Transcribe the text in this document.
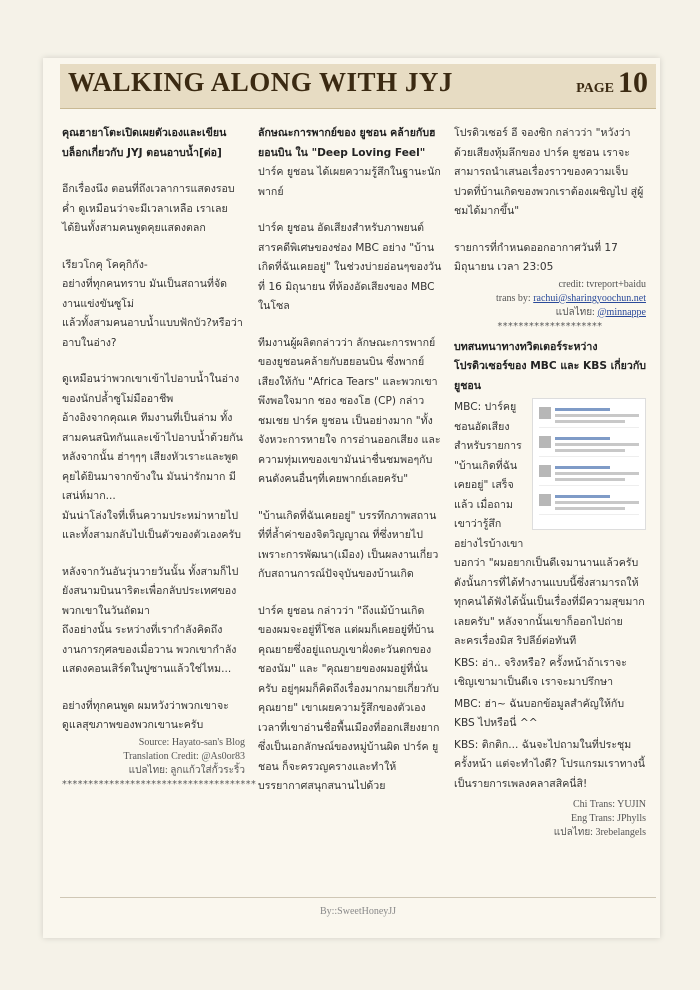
WALKING ALONG WITH JYJ	PAGE 10

คุณฮายาโตะเปิดเผยตัวเองและเขียนบล็อกเกี่ยวกับ JYJ ตอนอาบน้ำ[ต่อ]

อีกเรื่องนึง ตอนที่ถึงเวลาการแสดงรอบค่ำ ดูเหมือนว่าจะมีเวลาเหลือ เราเลยได้ยินทั้งสามคนพูดคุยแสดงตลก

เรียวโกคุ โคคุกิกัง-
อย่างที่ทุกคนทราบ มันเป็นสถานที่จัดงานแข่งขันซูโม่
แล้วทั้งสามคนอาบน้ำแบบฟักบัว?หรือว่าอาบในอ่าง?

ดูเหมือนว่าพวกเขาเข้าไปอาบน้ำในอ่างของนักปล้ำซูโม่มืออาชีพ
อ้างอิงจากคุณเค ทีมงานที่เป็นล่าม ทั้งสามคนสนิทกันและเข้าไปอาบน้ำด้วยกัน
หลังจากนั้น ฮ่าๆๆๆ เสียงหัวเราะและพูดคุยได้ยินมาจากข้างใน มันน่ารักมาก มีเสน่ห์มาก...
มันน่าโล่งใจที่เห็นความประหม่าหายไปและทั้งสามกลับไปเป็นตัวของตัวเองครับ

หลังจากวันอันวุ่นวายวันนั้น ทั้งสามก็ไปยังสนามบินนาริตะเพื่อกลับประเทศของพวกเขาในวันถัดมา
ถึงอย่างนั้น ระหว่างที่เรากำลังคิดถึงงานการกุศลของเมื่อวาน พวกเขากำลังแสดงคอนเสิร์ตในปูซานแล้วใช่ไหม...

อย่างที่ทุกคนพูด ผมหวังว่าพวกเขาจะดูแลสุขภาพของพวกเขานะครับ

Source: Hayato-san's Blog

Translation Credit: @As0or83

แปลไทย: ลูกแก้วใส่กั้วระริ้ว

*************************************

ลักษณะการพากย์ของ ยูชอน คล้ายกับฮยอนบิน ใน "Deep Loving Feel"

ปาร์ค ยูชอน ได้เผยความรู้สึกในฐานะนักพากย์

ปาร์ค ยูชอน อัดเสียงสำหรับภาพยนต์สารคดีพิเศษของช่อง MBC อย่าง "บ้านเกิดที่ฉันเคยอยู่" ในช่วงบ่ายอ่อนๆของวันที่ 16 มิถุนายน ที่ห้องอัดเสียงของ MBC ในโซล

ทีมงานผู้ผลิตกล่าวว่า ลักษณะการพากย์ของยูชอนคล้ายกับฮยอนบิน ซึ่งพากย์เสียงให้กับ "Africa Tears" และพวกเขาพึงพอใจมาก ชอง ซองโฮ (CP) กล่าวชมเชย ปาร์ค ยูชอน เป็นอย่างมาก "ทั้งจังหวะการหายใจ การอ่านออกเสียง และความทุ่มเทของเขามันน่าชื่นชมพอๆกับคนดังคนอื่นๆที่เคยพากย์เลยครับ"

"บ้านเกิดที่ฉันเคยอยู่" บรรทึกภาพสถานที่ที่ล้ำค่าของจิตวิญญาณ ที่ซึ่งหายไปเพราะการพัฒนา(เมือง) เป็นผลงานเกี่ยวกับสถานการณ์ปัจจุบันของบ้านเกิด

ปาร์ค ยูชอน กล่าวว่า "ถึงแม้บ้านเกิดของผมจะอยู่ที่โซล แต่ผมก็เคยอยู่ที่บ้านคุณยายซึ่งอยู่แถบภูเขาฝั่งตะวันตกของชองนัม" และ "คุณยายของผมอยู่ที่นั่นครับ อยู่ๆผมก็คิดถึงเรื่องมากมายเกี่ยวกับคุณยาย" เขาเผยความรู้สึกของตัวเอง เวลาที่เขาอ่านชื่อพื้นเมืองที่ออกเสียงยาก ซึ่งเป็นเอกลักษณ์ของหมู่บ้านผิด ปาร์ค ยูชอน ก็จะครวญครางและทำให้บรรยากาศสนุกสนานไปด้วย

โปรดิวเซอร์ อี จองซิก กล่าวว่า "หวังว่าด้วยเสียงทุ้มลึกของ ปาร์ค ยูชอน เราจะสามารถนำเสนอเรื่องราวของความเจ็บปวดที่บ้านเกิดของพวกเราต้องเผชิญไป สู่ผู้ชมได้มากขึ้น"

รายการที่กำหนดออกอากาศวันที่ 17 มิถุนายน เวลา 23:05

credit: tvreport+baidu

trans by: rachui@sharingyoochun.net

แปลไทย: @minnappe

********************

บทสนทนาทางทวิตเตอร์ระหว่างโปรดิวเซอร์ของ MBC และ KBS เกี่ยวกับยูชอน

MBC: ปาร์คยูชอนอัดเสียงสำหรับรายการ "บ้านเกิดที่ฉันเคยอยู่" เสร็จแล้ว เมื่อถามเขาว่ารู้สึกอย่างไรบ้างเขาบอกว่า "ผมอยากเป็นดีเจมานานแล้วครับ ดังนั้นการที่ได้ทำงานแบบนี้ซึ่งสามารถให้ทุกคนได้ฟังได้นั้นเป็นเรื่องที่มีความสุขมากเลยครับ" หลังจากนั้นเขาก็ออกไปถ่ายละครเรื่องมิส ริปลีย์ต่อทันที

KBS: อ่า.. จริงหรือ? ครั้งหน้าถ้าเราจะเชิญเขามาเป็นดีเจ เราจะมาปรึกษา

MBC: ฮ่า~ ฉันบอกข้อมูลสำคัญให้กับ KBS ไปหรือนี่ ^^

KBS: ติกติก... ฉันจะไปถามในที่ประชุมครั้งหน้า แต่จะทำไงดี? โปรแกรมเราทางนี้เป็นรายการเพลงคลาสสิคนี่สิ!

Chi Trans: YUJIN

Eng Trans: JPhylls

แปลไทย: 3rebelangels

By::SweetHoneyJJ
